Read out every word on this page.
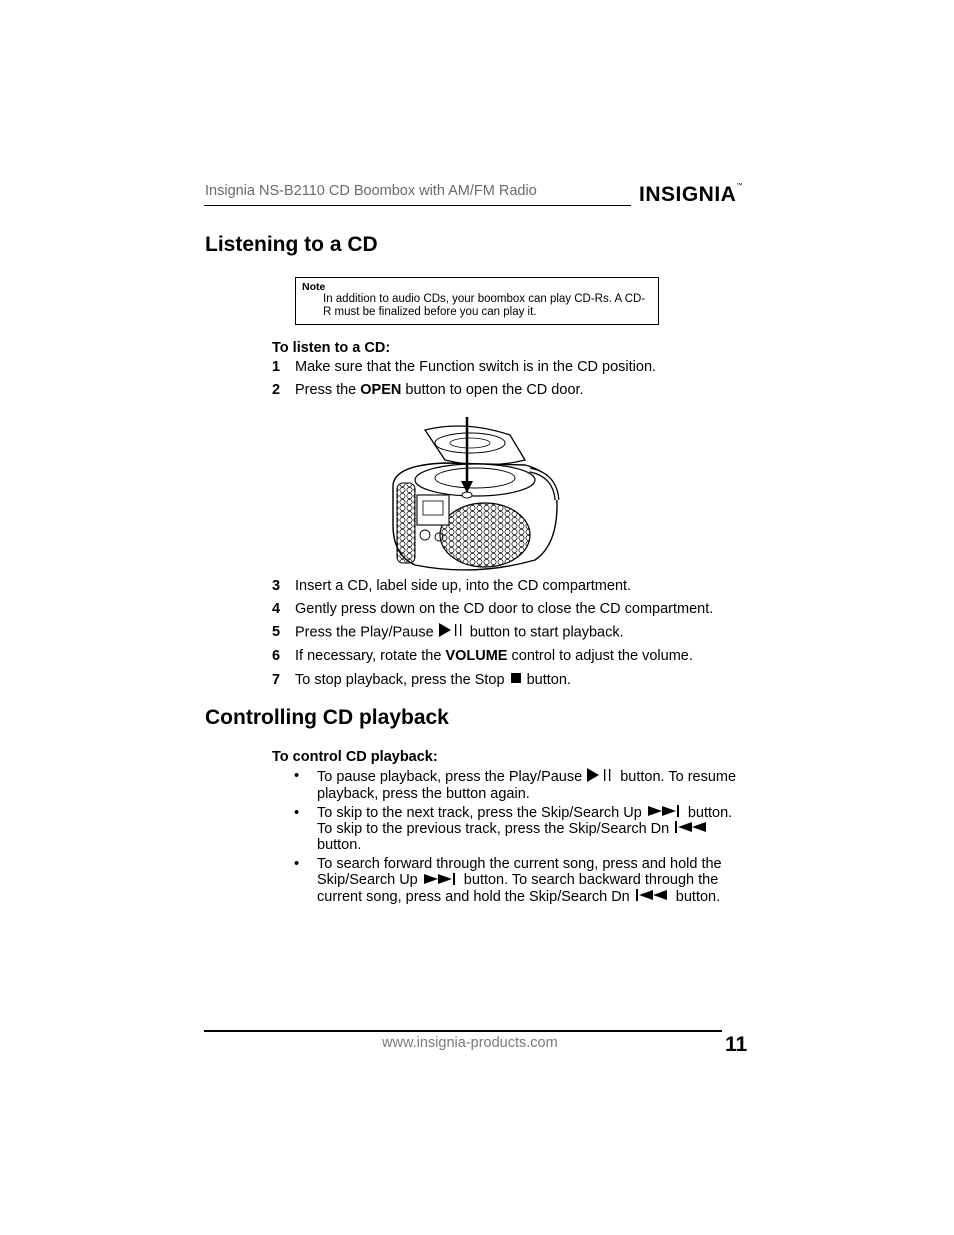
Insignia NS-B2110 CD Boombox with AM/FM Radio	INSIGNIA™
Listening to a CD
Note
In addition to audio CDs, your boombox can play CD-Rs. A CD-R must be finalized before you can play it.
To listen to a CD:
1 Make sure that the Function switch is in the CD position.
2 Press the OPEN button to open the CD door.
3 Insert a CD, label side up, into the CD compartment.
4 Gently press down on the CD door to close the CD compartment.
5 Press the Play/Pause  button to start playback.
6 If necessary, rotate the VOLUME control to adjust the volume.
7 To stop playback, press the Stop  button.
Controlling CD playback
To control CD playback:

• To pause playback, press the Play/Pause  button. To resume playback, press the button again.

• To skip to the next track, press the Skip/Search Up	button. To skip to the previous track, press the Skip/Search Dn  button.

• To search forward through the current song, press and hold the Skip/Search Up	button. To search backward through the current song, press and hold the Skip/Search Dn	button.

www.insignia-products.com	11
